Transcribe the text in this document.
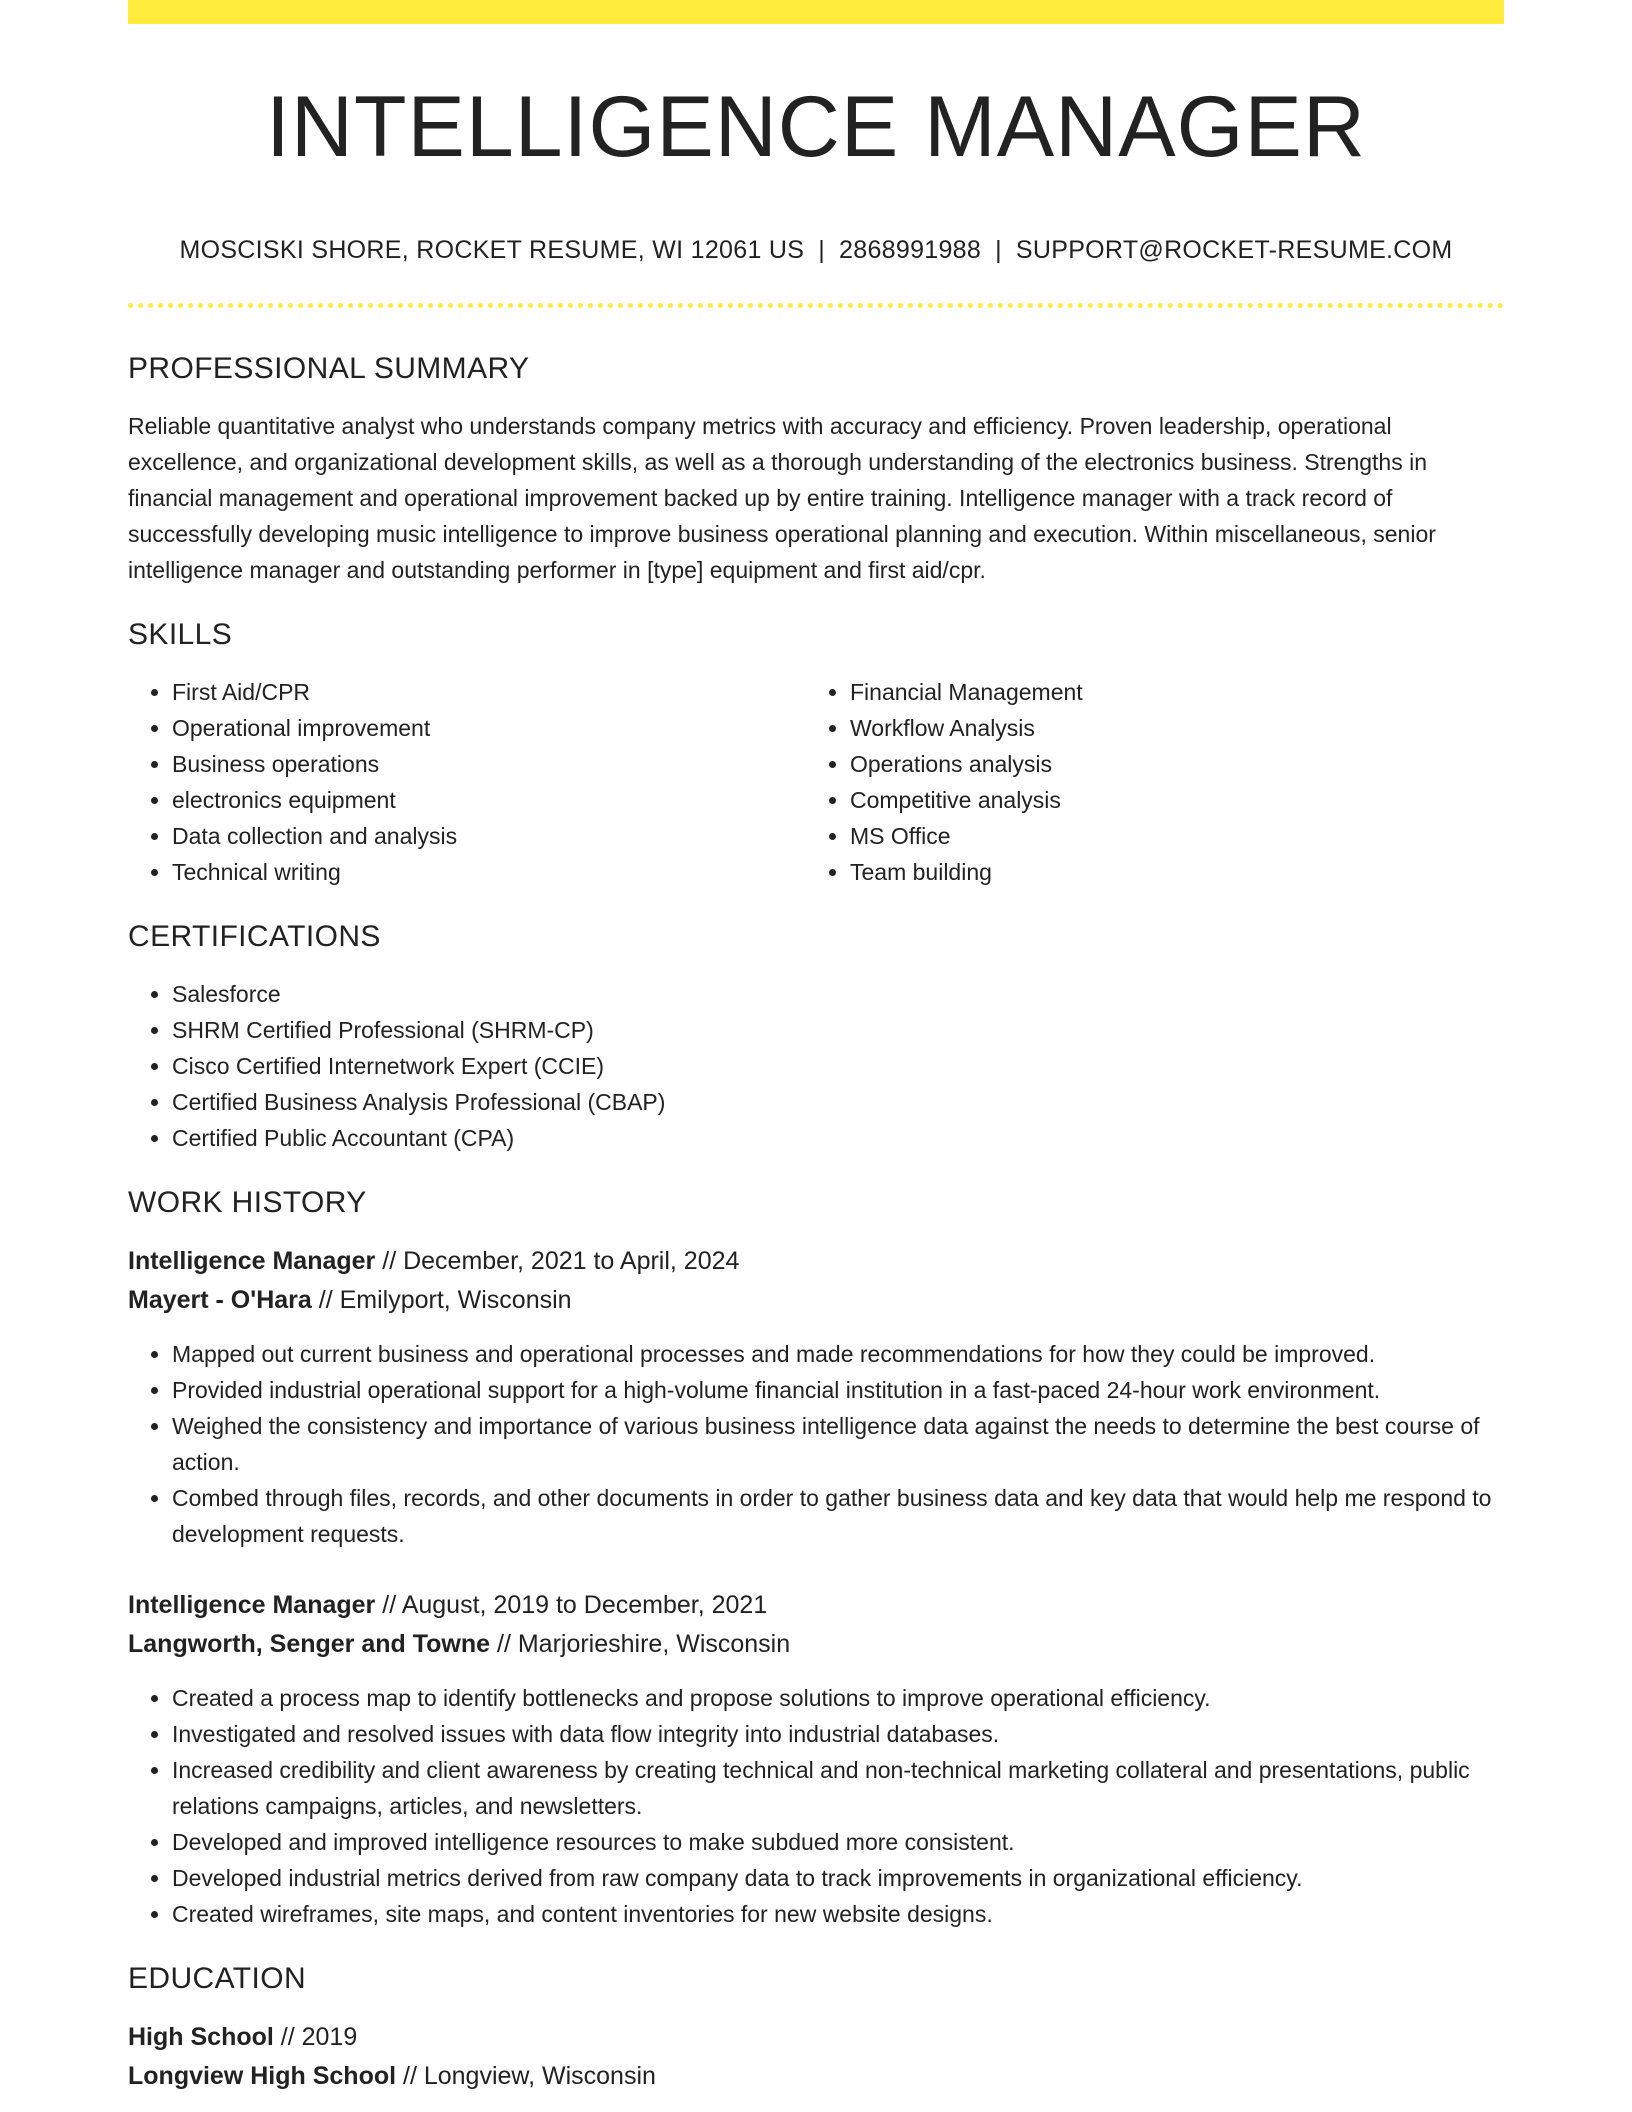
INTELLIGENCE MANAGER
MOSCISKI SHORE, ROCKET RESUME, WI 12061 US | 2868991988 | SUPPORT@ROCKET-RESUME.COM
PROFESSIONAL SUMMARY
Reliable quantitative analyst who understands company metrics with accuracy and efficiency. Proven leadership, operational excellence, and organizational development skills, as well as a thorough understanding of the electronics business. Strengths in financial management and operational improvement backed up by entire training. Intelligence manager with a track record of successfully developing music intelligence to improve business operational planning and execution. Within miscellaneous, senior intelligence manager and outstanding performer in [type] equipment and first aid/cpr.
SKILLS
• First Aid/CPR
• Operational improvement
• Business operations
• electronics equipment
• Data collection and analysis
• Technical writing
• Financial Management
• Workflow Analysis
• Operations analysis
• Competitive analysis
• MS Office
• Team building
CERTIFICATIONS
• Salesforce
• SHRM Certified Professional (SHRM-CP)
• Cisco Certified Internetwork Expert (CCIE)
• Certified Business Analysis Professional (CBAP)
• Certified Public Accountant (CPA)
WORK HISTORY
Intelligence Manager // December, 2021 to April, 2024
Mayert - O'Hara // Emilyport, Wisconsin
• Mapped out current business and operational processes and made recommendations for how they could be improved.
• Provided industrial operational support for a high-volume financial institution in a fast-paced 24-hour work environment.
• Weighed the consistency and importance of various business intelligence data against the needs to determine the best course of action.
• Combed through files, records, and other documents in order to gather business data and key data that would help me respond to development requests.
Intelligence Manager // August, 2019 to December, 2021
Langworth, Senger and Towne // Marjorieshire, Wisconsin
• Created a process map to identify bottlenecks and propose solutions to improve operational efficiency.
• Investigated and resolved issues with data flow integrity into industrial databases.
• Increased credibility and client awareness by creating technical and non-technical marketing collateral and presentations, public relations campaigns, articles, and newsletters.
• Developed and improved intelligence resources to make subdued more consistent.
• Developed industrial metrics derived from raw company data to track improvements in organizational efficiency.
• Created wireframes, site maps, and content inventories for new website designs.
EDUCATION
High School // 2019
Longview High School // Longview, Wisconsin
